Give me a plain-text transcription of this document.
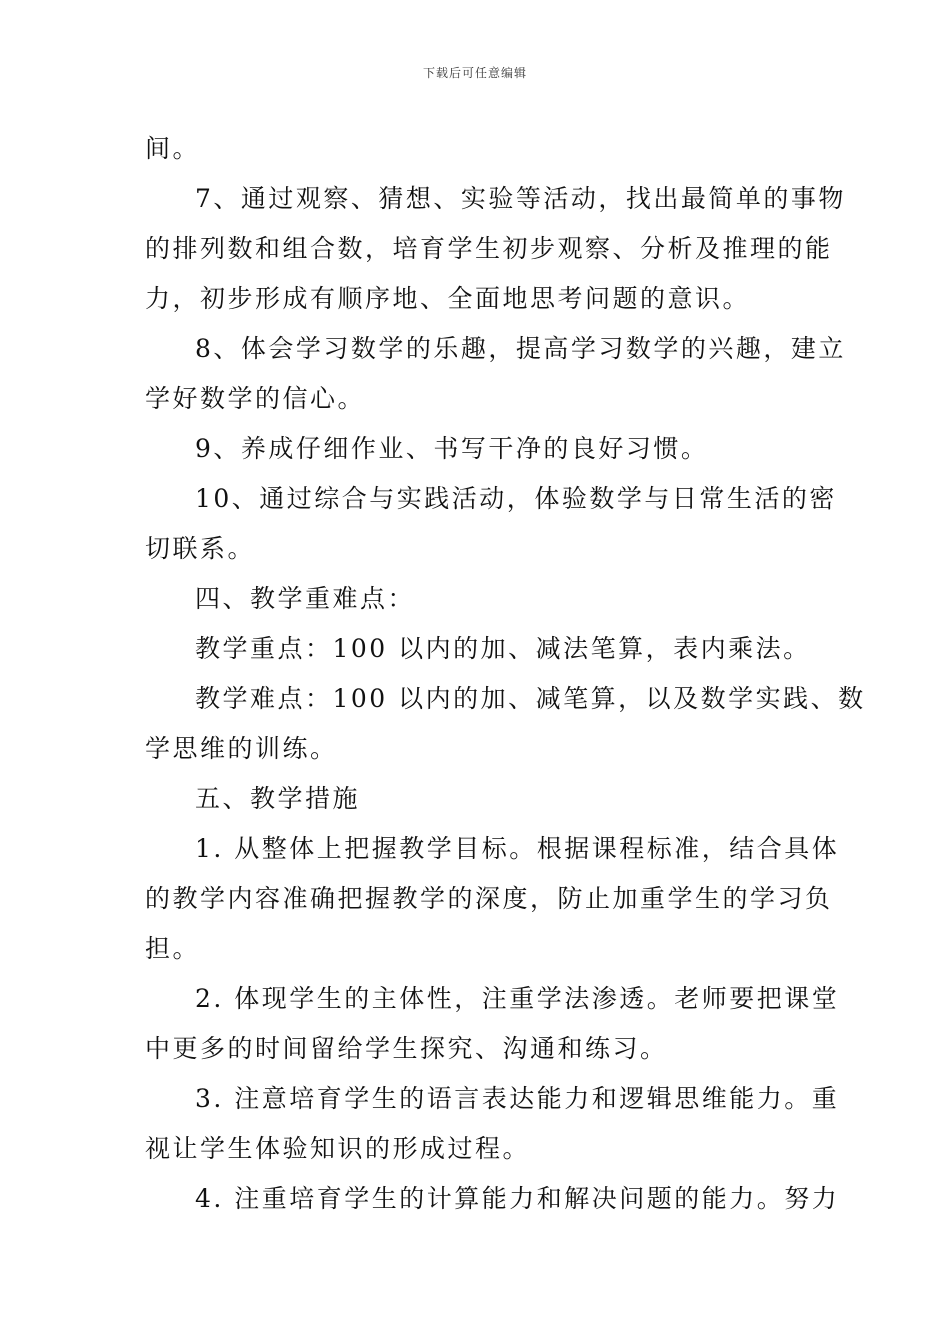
下载后可任意编辑
间。
7、通过观察、猜想、实验等活动，找出最简单的事物
的排列数和组合数，培育学生初步观察、分析及推理的能
力，初步形成有顺序地、全面地思考问题的意识。
8、体会学习数学的乐趣，提高学习数学的兴趣，建立
学好数学的信心。
9、养成仔细作业、书写干净的良好习惯。
10、通过综合与实践活动，体验数学与日常生活的密
切联系。
四、教学重难点：
教学重点：100 以内的加、减法笔算，表内乘法。
教学难点：100 以内的加、减笔算，以及数学实践、数
学思维的训练。
五、教学措施
1. 从整体上把握教学目标。根据课程标准，结合具体
的教学内容准确把握教学的深度，防止加重学生的学习负
担。
2. 体现学生的主体性，注重学法渗透。老师要把课堂
中更多的时间留给学生探究、沟通和练习。
3. 注意培育学生的语言表达能力和逻辑思维能力。重
视让学生体验知识的形成过程。
4. 注重培育学生的计算能力和解决问题的能力。努力
